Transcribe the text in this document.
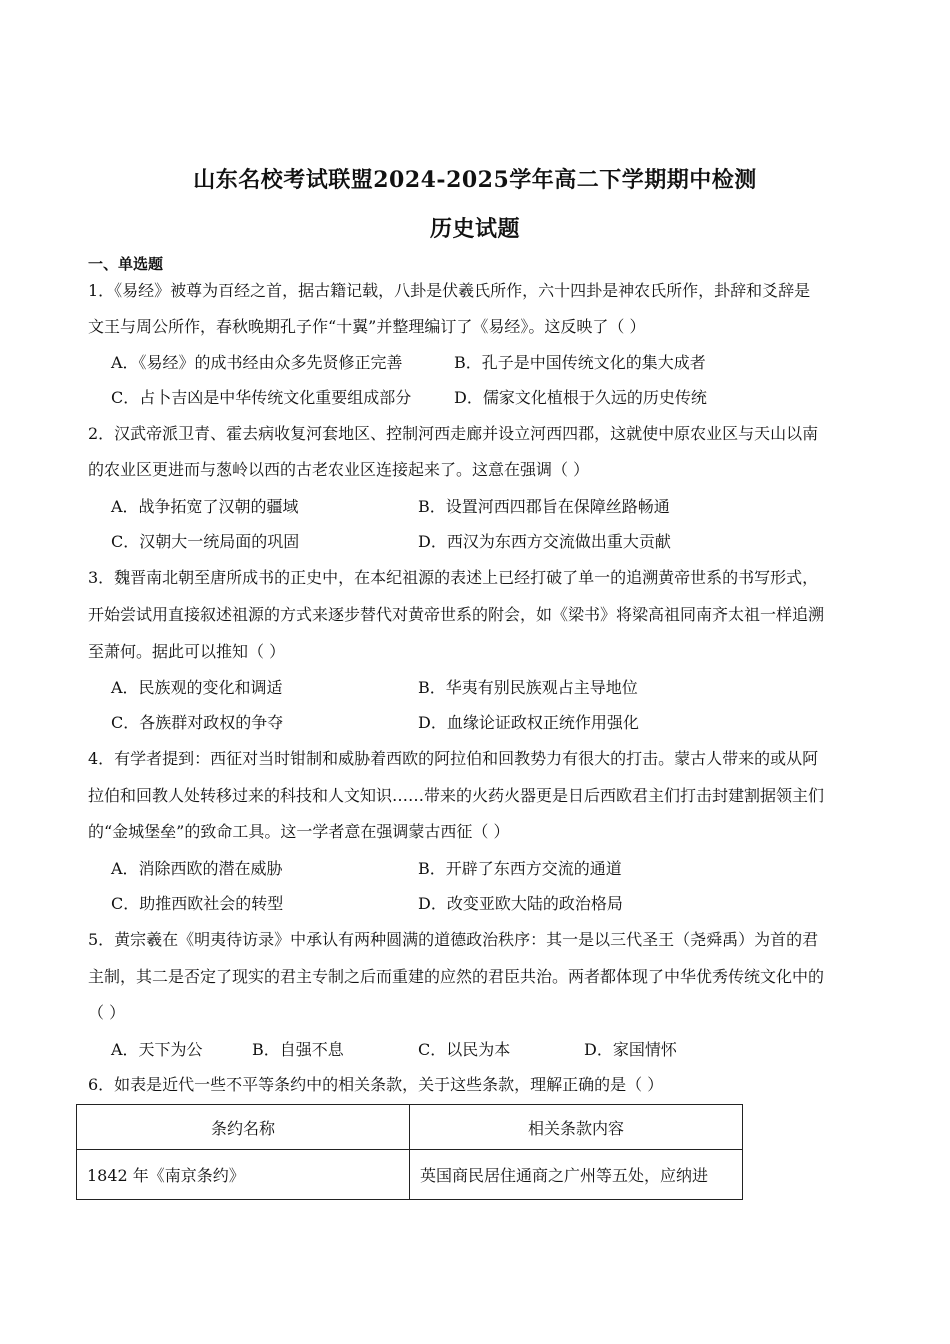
山东名校考试联盟2024-2025学年高二下学期期中检测
历史试题
一、单选题
1．《易经》被尊为百经之首，据古籍记载，八卦是伏羲氏所作，六十四卦是神农氏所作，卦辞和爻辞是
文王与周公所作，春秋晚期孔子作“十翼”并整理编订了《易经》。这反映了（ ）
A．《易经》的成书经由众多先贤修正完善	B．孔子是中国传统文化的集大成者
C．占卜吉凶是中华传统文化重要组成部分	D．儒家文化植根于久远的历史传统
2．汉武帝派卫青、霍去病收复河套地区、控制河西走廊并设立河西四郡，这就使中原农业区与天山以南
的农业区更进而与葱岭以西的古老农业区连接起来了。这意在强调（ ）
A．战争拓宽了汉朝的疆域	B．设置河西四郡旨在保障丝路畅通
C．汉朝大一统局面的巩固	D．西汉为东西方交流做出重大贡献
3．魏晋南北朝至唐所成书的正史中，在本纪祖源的表述上已经打破了单一的追溯黄帝世系的书写形式，
开始尝试用直接叙述祖源的方式来逐步替代对黄帝世系的附会，如《梁书》将梁高祖同南齐太祖一样追溯
至萧何。据此可以推知（ ）
A．民族观的变化和调适	B．华夷有别民族观占主导地位
C．各族群对政权的争夺	D．血缘论证政权正统作用强化
4．有学者提到：西征对当时钳制和威胁着西欧的阿拉伯和回教势力有很大的打击。蒙古人带来的或从阿
拉伯和回教人处转移过来的科技和人文知识……带来的火药火器更是日后西欧君主们打击封建割据领主们
的“金城堡垒”的致命工具。这一学者意在强调蒙古西征（ ）
A．消除西欧的潜在威胁	B．开辟了东西方交流的通道
C．助推西欧社会的转型	D．改变亚欧大陆的政治格局
5．黄宗羲在《明夷待访录》中承认有两种圆满的道德政治秩序：其一是以三代圣王（尧舜禹）为首的君
主制，其二是否定了现实的君主专制之后而重建的应然的君臣共治。两者都体现了中华优秀传统文化中的
（ ）
A．天下为公	B．自强不息	C．以民为本	D．家国情怀
6．如表是近代一些不平等条约中的相关条款，关于这些条款，理解正确的是（ ）
条约名称	相关条款内容
1842 年《南京条约》	英国商民居住通商之广州等五处，应纳进
